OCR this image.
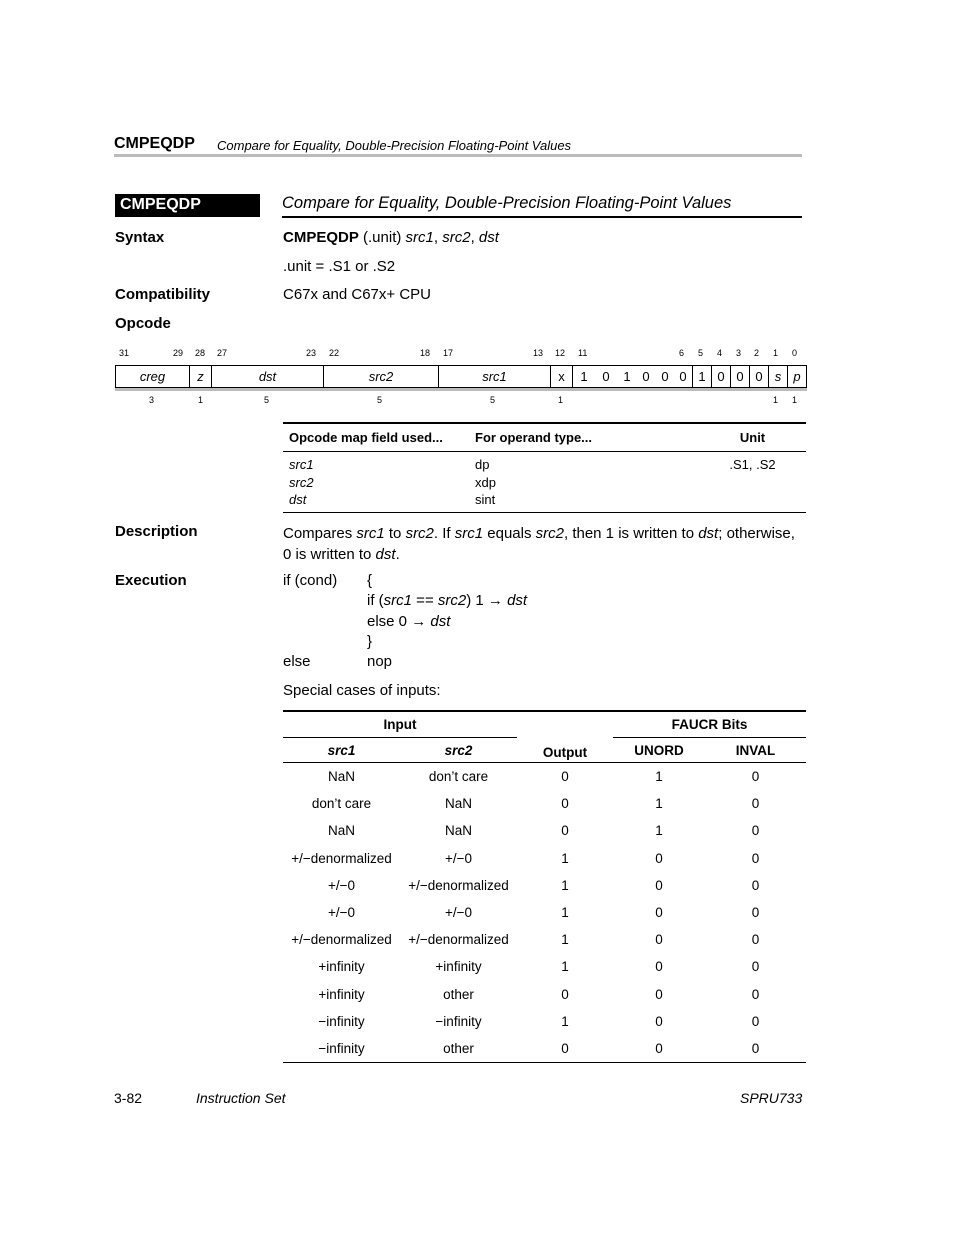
CMPEQDP Compare for Equality, Double-Precision Floating-Point Values
CMPEQDP	Compare for Equality, Double-Precision Floating-Point Values
Syntax	CMPEQDP (.unit) src1, src2, dst
.unit = .S1 or .S2
Compatibility	C67x and C67x+ CPU
Opcode
31	29 28 27	23 22	18 17	13 12 11	6 5 4 3 2 1 0
creg	z	dst	src2	src1	x	1	0	1 0 0 0 1 0 0 0 s p
3	1	5	5	5	1	1 1
Opcode map field used...	For operand type...	Unit

src1	dp	.S1, .S2
src2	xdp	
dst	sint	
Description	Compares src1 to src2. If src1 equals src2, then 1 is written to dst; otherwise,
0 is written to dst.
Execution	if (cond) {
if (src1 == src2) 1 → dst
else 0 → dst
}
else	nop
Special cases of inputs:
Input		Output	FAUCR Bits	
src1	src2		UNORD	INVAL
NaN	don’t care	0	1	0
don’t care	NaN	0	1	0
NaN	NaN	0	1	0
+/−denormalized	+/−0	1	0	0
+/−0	+/−denormalized	1	0	0
+/−0	+/−0	1	0	0
+/−denormalized	+/−denormalized	1	0	0
+infinity	+infinity	1	0	0
+infinity	other	0	0	0
−infinity	−infinity	1	0	0
−infinity	other	0	0	0
3-82	Instruction Set	SPRU733
